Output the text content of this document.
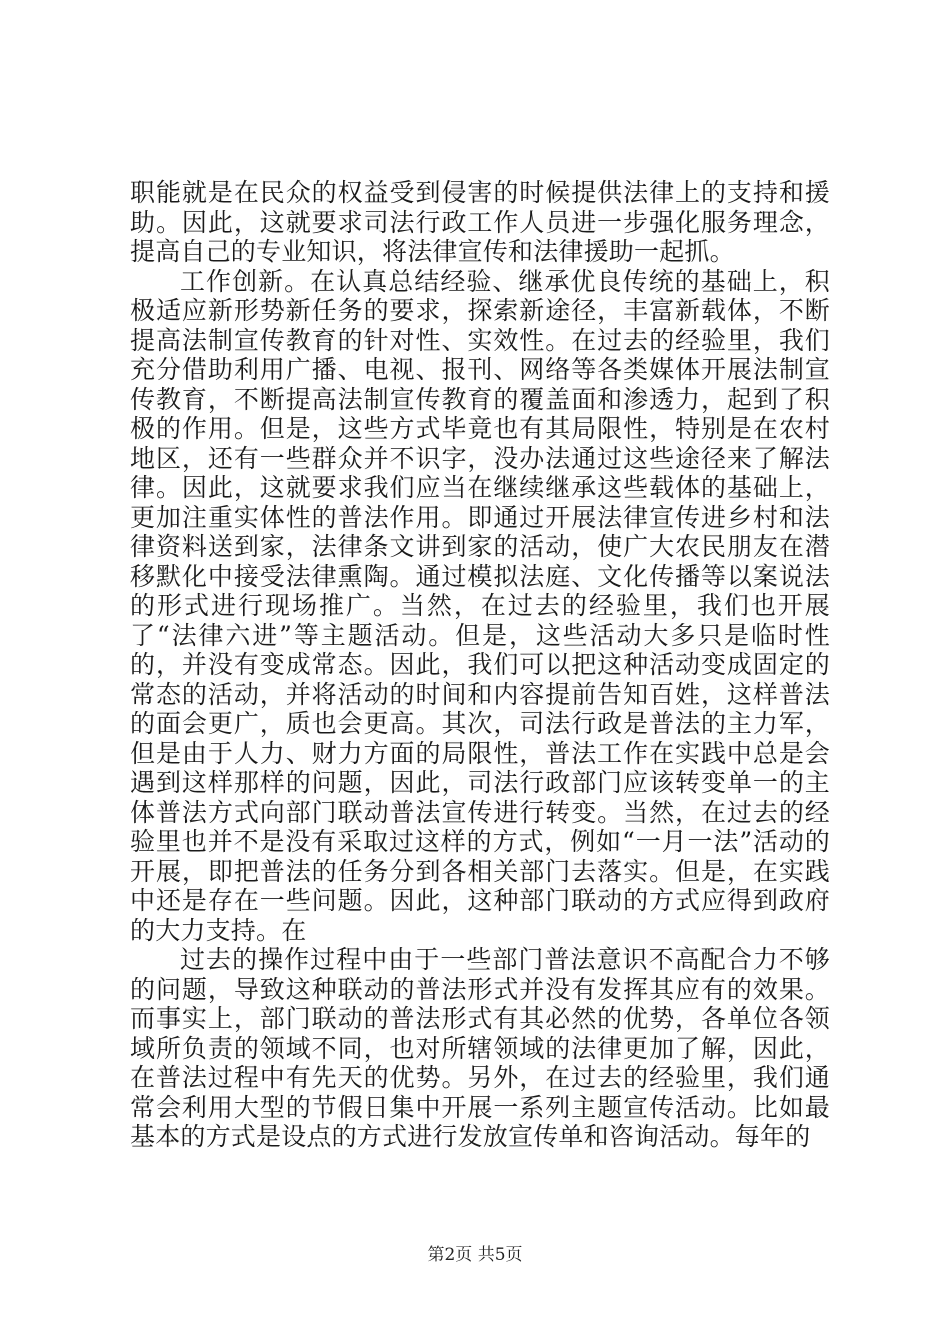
职能就是在民众的权益受到侵害的时候提供法律上的支持和援助。因此，这就要求司法行政工作人员进一步强化服务理念，提高自己的专业知识，将法律宣传和法律援助一起抓。

工作创新。在认真总结经验、继承优良传统的基础上，积极适应新形势新任务的要求，探索新途径，丰富新载体，不断提高法制宣传教育的针对性、实效性。在过去的经验里，我们充分借助利用广播、电视、报刊、网络等各类媒体开展法制宣传教育，不断提高法制宣传教育的覆盖面和渗透力，起到了积极的作用。但是，这些方式毕竟也有其局限性，特别是在农村地区，还有一些群众并不识字，没办法通过这些途径来了解法律。因此，这就要求我们应当在继续继承这些载体的基础上，更加注重实体性的普法作用。即通过开展法律宣传进乡村和法律资料送到家，法律条文讲到家的活动，使广大农民朋友在潜移默化中接受法律熏陶。通过模拟法庭、文化传播等以案说法的形式进行现场推广。当然，在过去的经验里，我们也开展了“法律六进”等主题活动。但是，这些活动大多只是临时性的，并没有变成常态。因此，我们可以把这种活动变成固定的常态的活动，并将活动的时间和内容提前告知百姓，这样普法的面会更广，质也会更高。其次，司法行政是普法的主力军，但是由于人力、财力方面的局限性，普法工作在实践中总是会遇到这样那样的问题，因此，司法行政部门应该转变单一的主体普法方式向部门联动普法宣传进行转变。当然，在过去的经验里也并不是没有采取过这样的方式，例如“一月一法”活动的开展，即把普法的任务分到各相关部门去落实。但是，在实践中还是存在一些问题。因此，这种部门联动的方式应得到政府的大力支持。在

过去的操作过程中由于一些部门普法意识不高配合力不够的问题，导致这种联动的普法形式并没有发挥其应有的效果。而事实上，部门联动的普法形式有其必然的优势，各单位各领域所负责的领域不同，也对所辖领域的法律更加了解，因此，在普法过程中有先天的优势。另外，在过去的经验里，我们通常会利用大型的节假日集中开展一系列主题宣传活动。比如最基本的方式是设点的方式进行发放宣传单和咨询活动。每年的

第2页 共5页
